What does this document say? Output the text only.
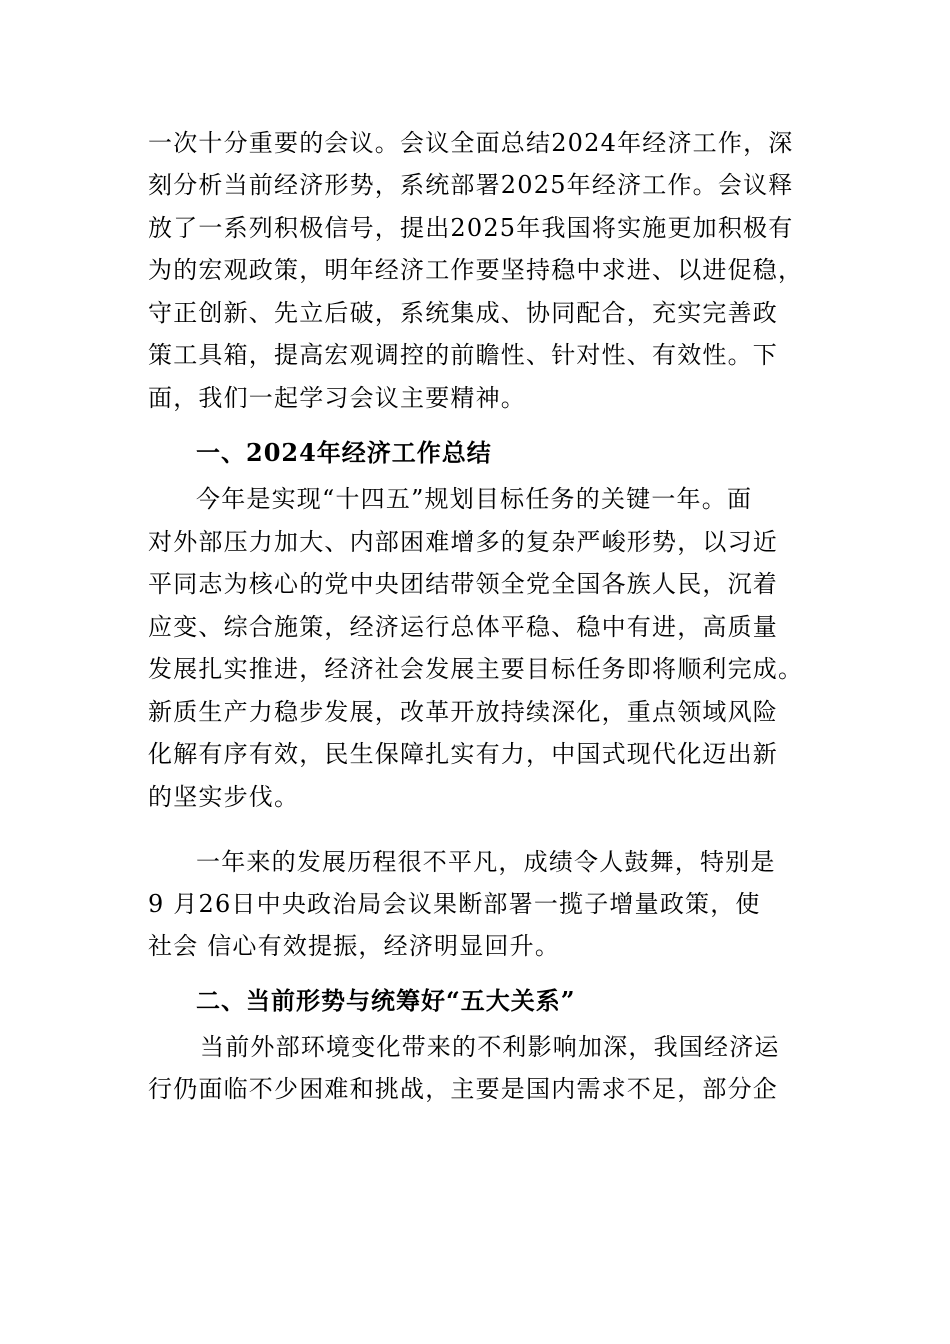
一次十分重要的会议。会议全面总结2024年经济工作，深
刻分析当前经济形势，系统部署2025年经济工作。会议释
放了一系列积极信号，提出2025年我国将实施更加积极有
为的宏观政策，明年经济工作要坚持稳中求进、以进促稳，
守正创新、先立后破，系统集成、协同配合，充实完善政
策工具箱，提高宏观调控的前瞻性、针对性、有效性。下
面，我们一起学习会议主要精神。
一、2024年经济工作总结
今年是实现“十四五”规划目标任务的关键一年。面
对外部压力加大、内部困难增多的复杂严峻形势，以习近
平同志为核心的党中央团结带领全党全国各族人民，沉着
应变、综合施策，经济运行总体平稳、稳中有进，高质量
发展扎实推进，经济社会发展主要目标任务即将顺利完成。
新质生产力稳步发展，改革开放持续深化，重点领域风险
化解有序有效，民生保障扎实有力，中国式现代化迈出新
的坚实步伐。
一年来的发展历程很不平凡，成绩令人鼓舞，特别是
9 月26日中央政治局会议果断部署一揽子增量政策，使
社会 信心有效提振，经济明显回升。
二、当前形势与统筹好“五大关系”
当前外部环境变化带来的不利影响加深，我国经济运
行仍面临不少困难和挑战，主要是国内需求不足，部分企
